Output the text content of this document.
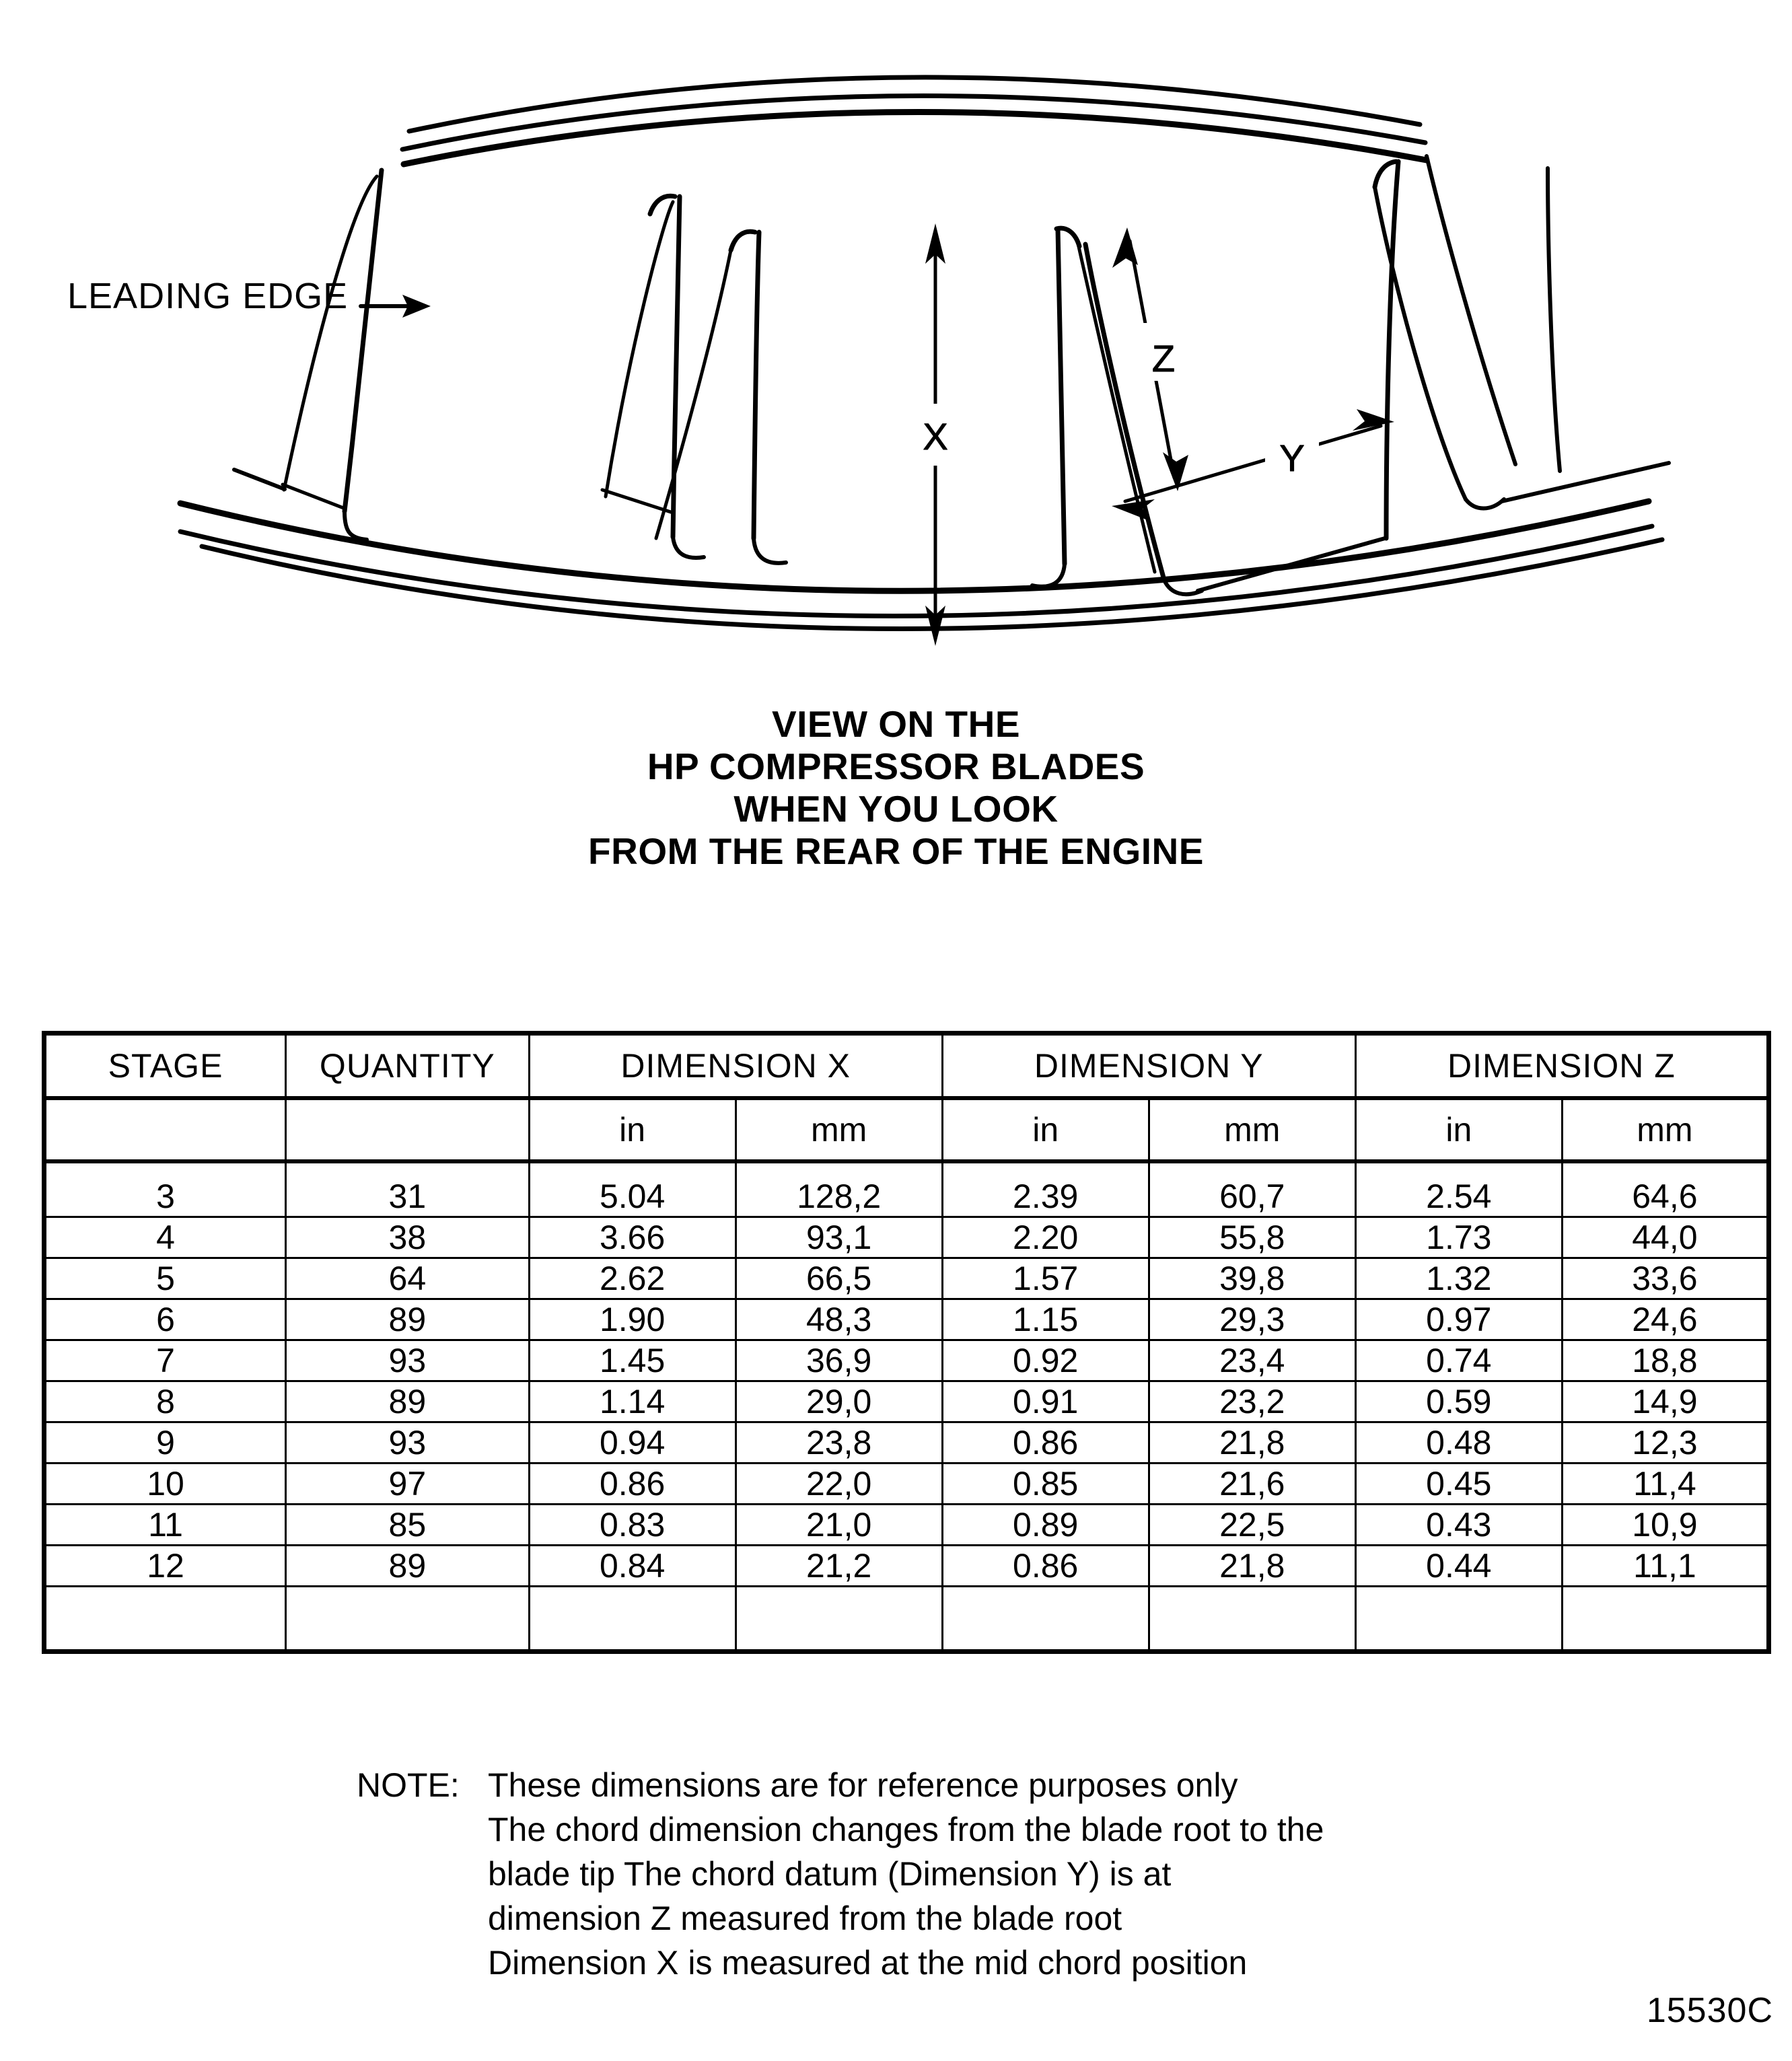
X
Z
Y
LEADING EDGE
VIEW ON THE
HP COMPRESSOR BLADES
WHEN YOU LOOK
FROM THE REAR OF THE ENGINE
STAGE	QUANTITY	DIMENSION X		DIMENSION Y		DIMENSION Z	
		in	mm	in	mm	in	mm
3	31	5.04	128,2	2.39	60,7	2.54	64,6
4	38	3.66	93,1	2.20	55,8	1.73	44,0
5	64	2.62	66,5	1.57	39,8	1.32	33,6
6	89	1.90	48,3	1.15	29,3	0.97	24,6
7	93	1.45	36,9	0.92	23,4	0.74	18,8
8	89	1.14	29,0	0.91	23,2	0.59	14,9
9	93	0.94	23,8	0.86	21,8	0.48	12,3
10	97	0.86	22,0	0.85	21,6	0.45	11,4
11	85	0.83	21,0	0.89	22,5	0.43	10,9
12	89	0.84	21,2	0.86	21,8	0.44	11,1

NOTE: These dimensions are for reference purposes only
The chord dimension changes from the blade root to the
blade tip The chord datum (Dimension Y) is at
dimension Z measured from the blade root
Dimension X is measured at the mid chord position
15530C
